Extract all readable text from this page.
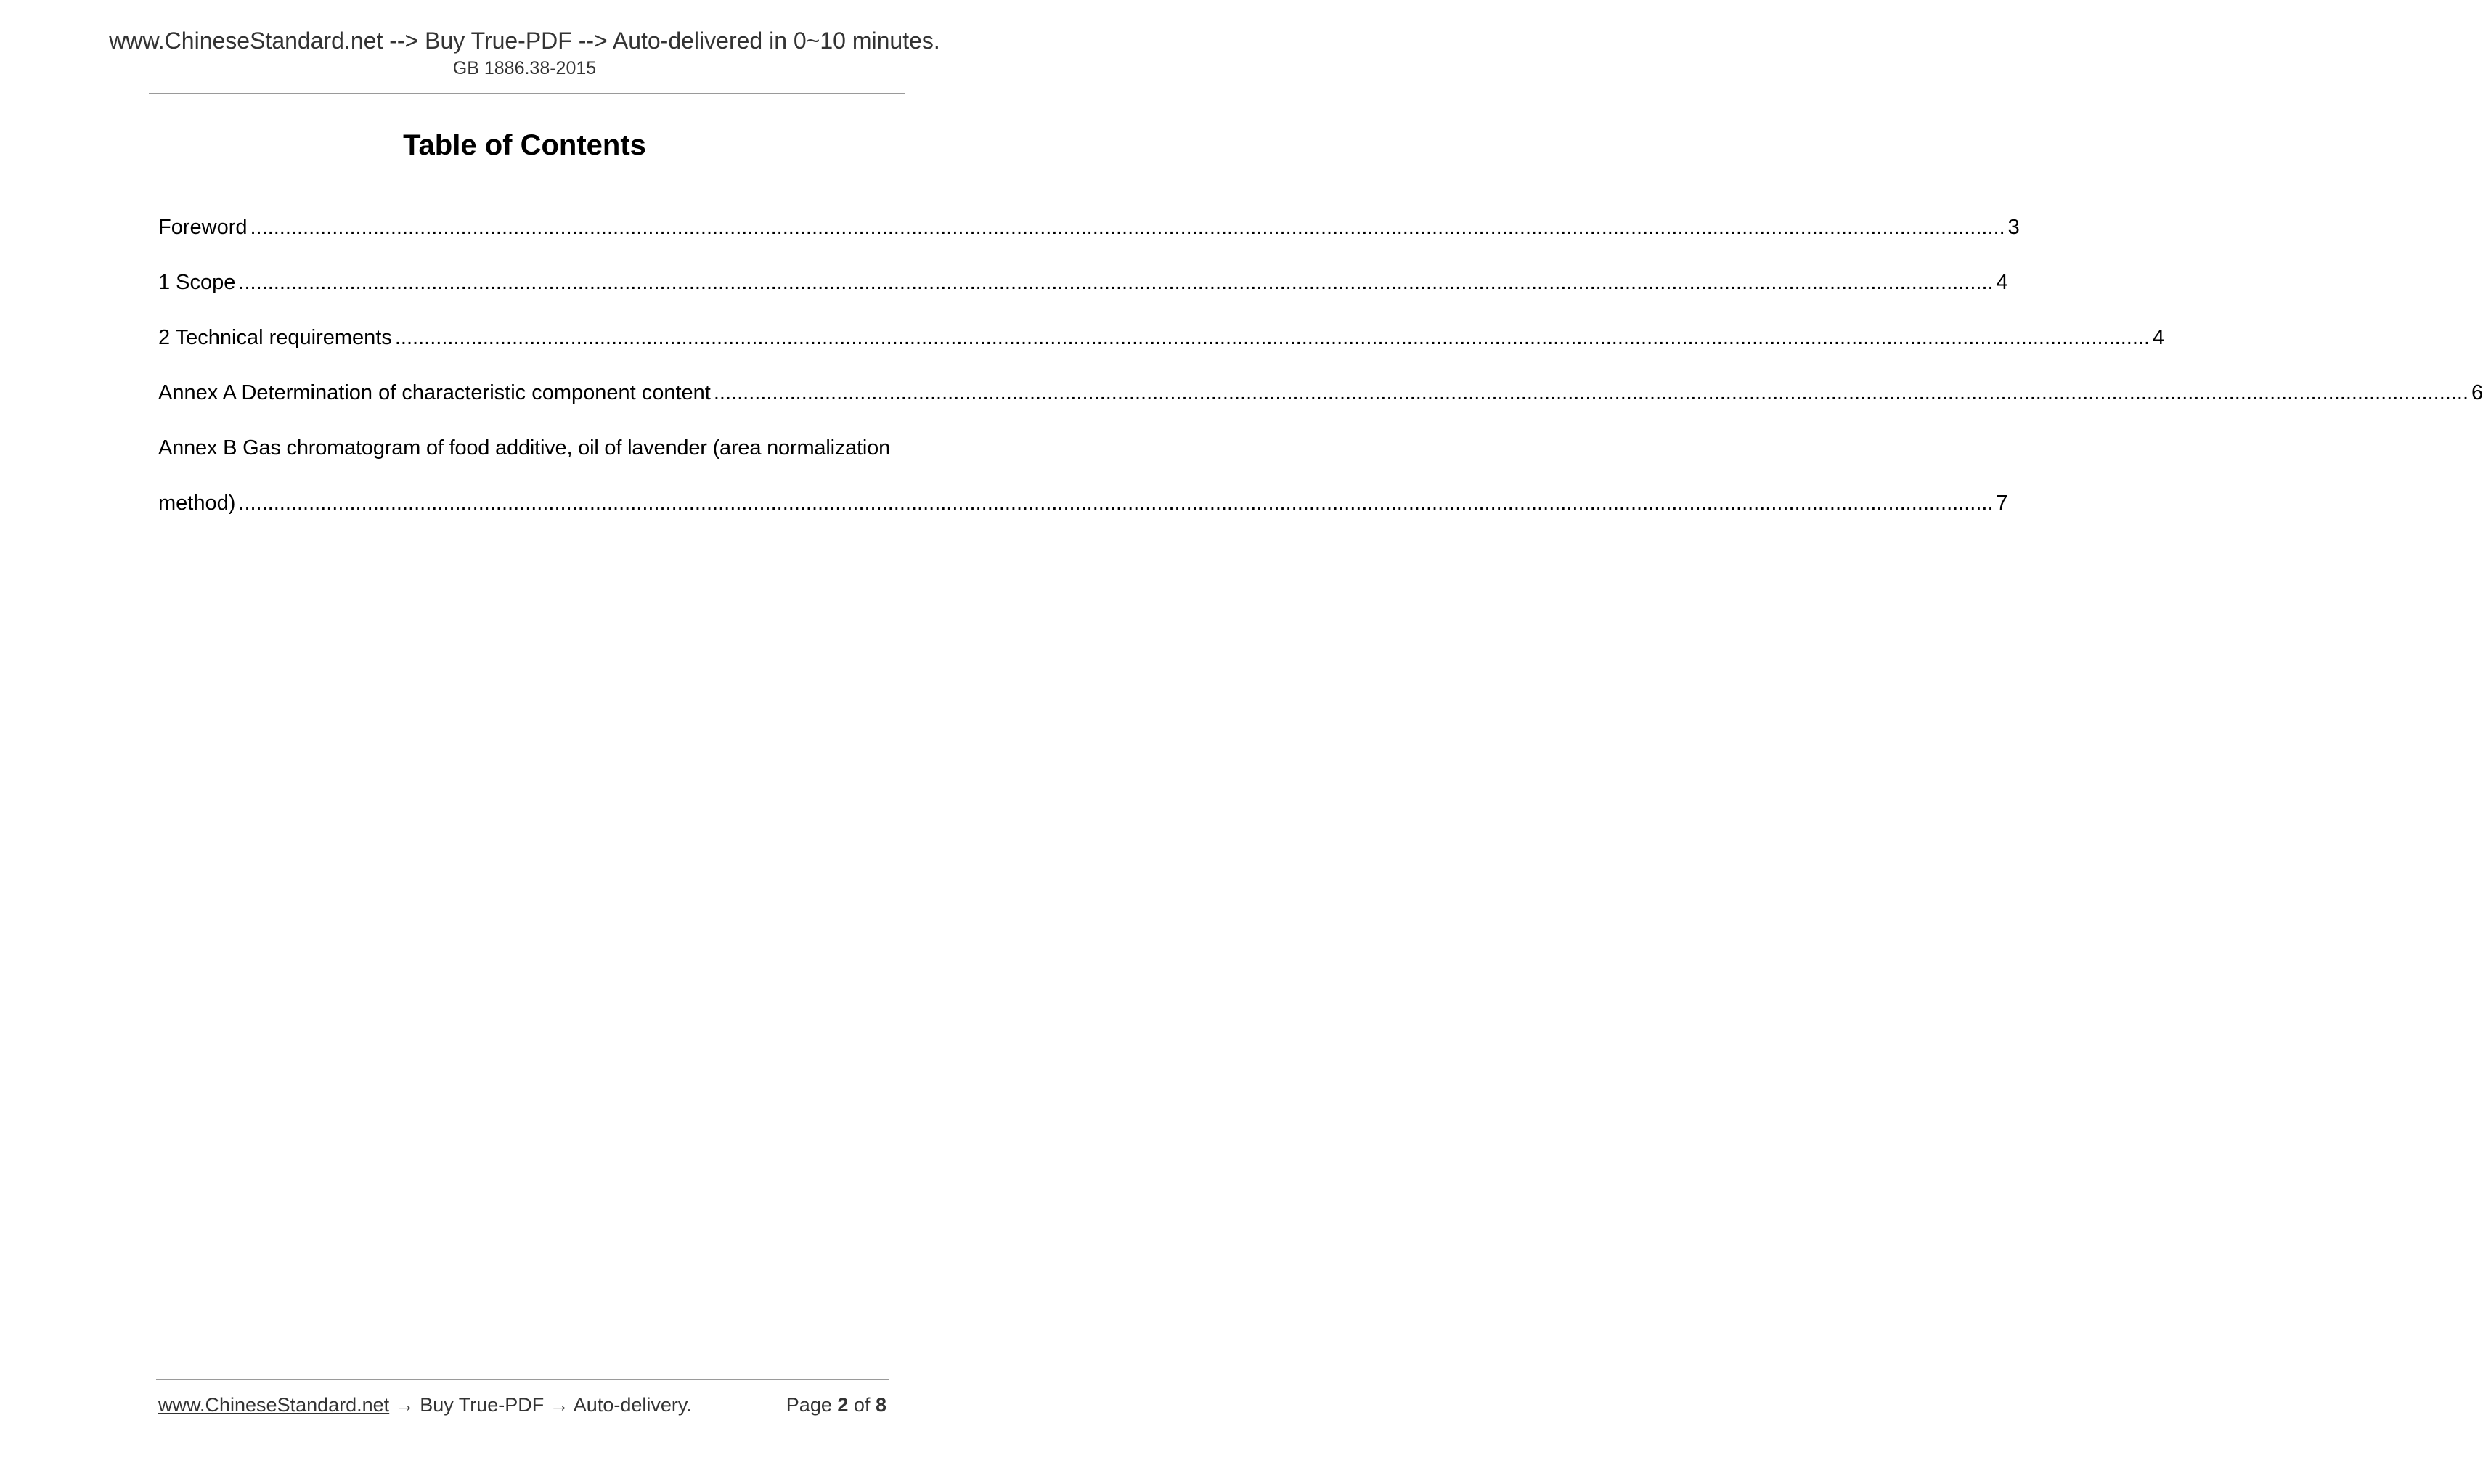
www.ChineseStandard.net --> Buy True-PDF --> Auto-delivered in 0~10 minutes.
GB 1886.38-2015
Table of Contents
Foreword ............................................................................................................................................................................................................................................................................................................ 3
1 Scope ............................................................................................................................................................................................................................................................................................................ 4
2 Technical requirements ............................................................................................................................................................................................................................................................................................................ 4
Annex A Determination of characteristic component content ............................................................................................................................................................................................................................................................................................................ 6
Annex B Gas chromatogram of food additive, oil of lavender (area normalization
method) ............................................................................................................................................................................................................................................................................................................ 7
www.ChineseStandard.net → Buy True-PDF → Auto-delivery.	Page 2 of 8
